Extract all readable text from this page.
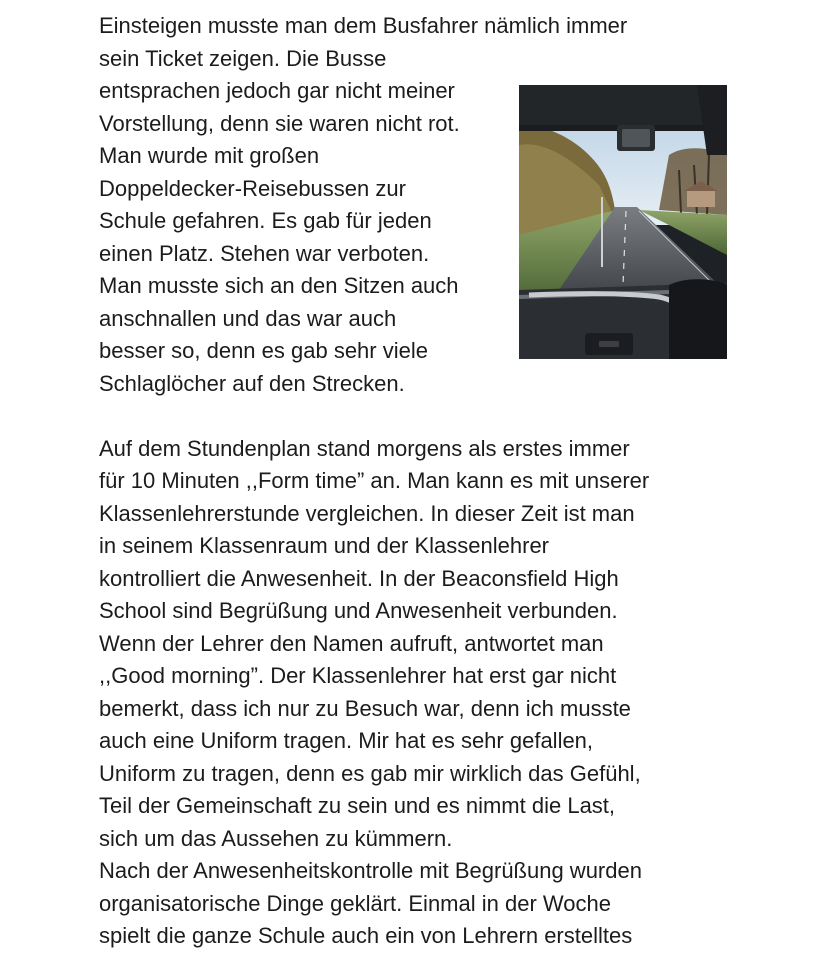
Einsteigen musste man dem Busfahrer nämlich immer
sein Ticket zeigen. Die Busse
entsprachen jedoch gar nicht meiner
Vorstellung, denn sie waren nicht rot.
Man wurde mit großen
Doppeldecker-Reisebussen zur
Schule gefahren. Es gab für jeden
einen Platz. Stehen war verboten.
Man musste sich an den Sitzen auch
anschnallen und das war auch
besser so, denn es gab sehr viele
Schlaglöcher auf den Strecken.
Auf dem Stundenplan stand morgens als erstes immer
für 10 Minuten ,,Form time” an. Man kann es mit unserer
Klassenlehrerstunde vergleichen. In dieser Zeit ist man
in seinem Klassenraum und der Klassenlehrer
kontrolliert die Anwesenheit. In der Beaconsfield High
School sind Begrüßung und Anwesenheit verbunden.
Wenn der Lehrer den Namen aufruft, antwortet man
,,Good morning”. Der Klassenlehrer hat erst gar nicht
bemerkt, dass ich nur zu Besuch war, denn ich musste
auch eine Uniform tragen. Mir hat es sehr gefallen,
Uniform zu tragen, denn es gab mir wirklich das Gefühl,
Teil der Gemeinschaft zu sein und es nimmt die Last,
sich um das Aussehen zu kümmern.
Nach der Anwesenheitskontrolle mit Begrüßung wurden
organisatorische Dinge geklärt. Einmal in der Woche
spielt die ganze Schule auch ein von Lehrern erstelltes
